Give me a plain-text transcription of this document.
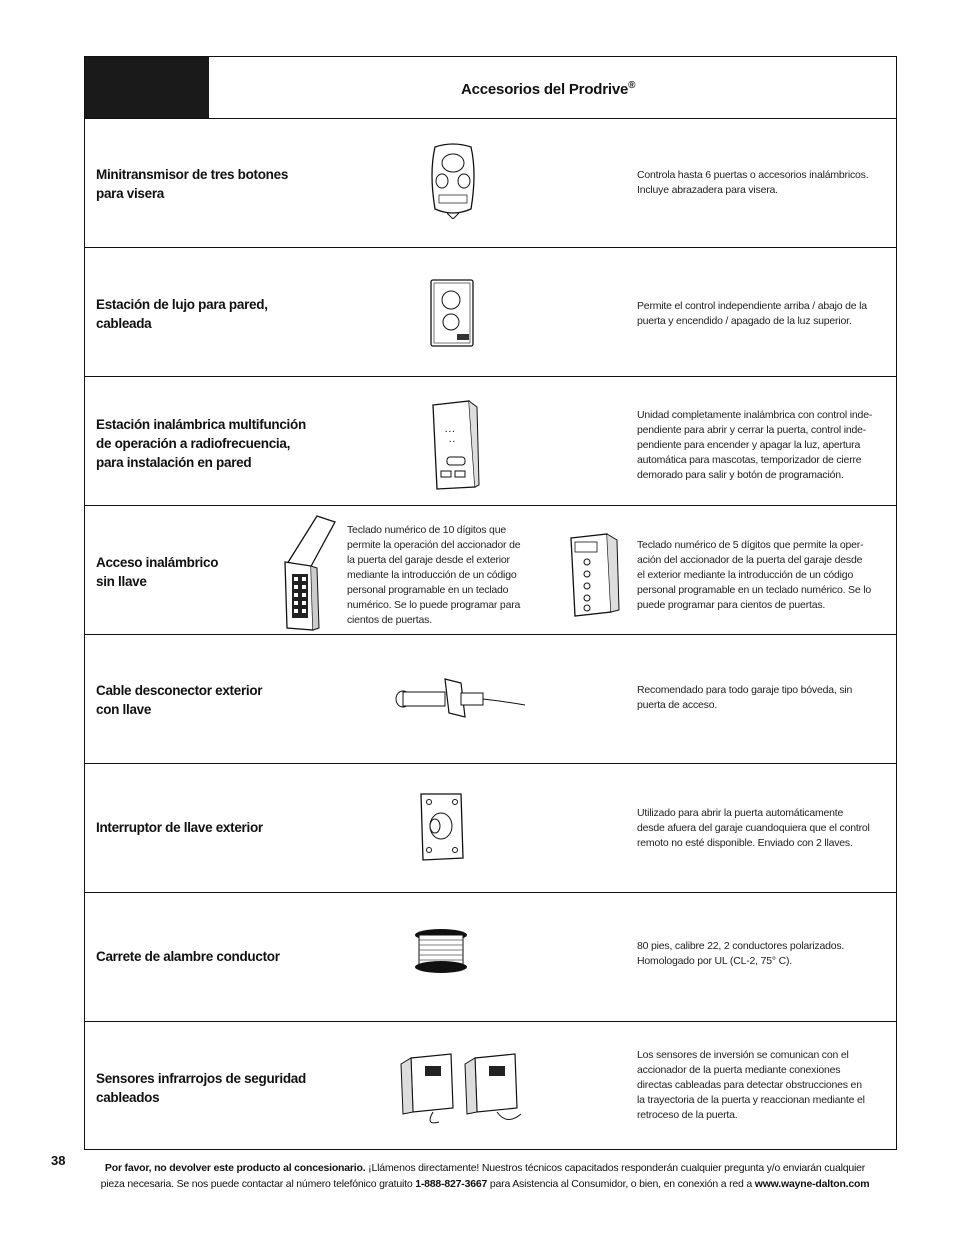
Accesorios del Prodrive®
Minitransmisor de tres botones
para visera
Controla hasta 6 puertas o accesorios inalámbricos.
Incluye abrazadera para visera.
Estación de lujo para pared,
cableada
Permite el control independiente arriba / abajo de la
puerta y encendido / apagado de la luz superior.
Estación inalámbrica multifunción
de operación a radiofrecuencia,
para instalación en pared
• • •
• •
Unidad completamente inalámbrica con control inde-
pendiente para abrir y cerrar la puerta, control inde-
pendiente para encender y apagar la luz, apertura
automática para mascotas, temporizador de cierre
demorado para salir y botón de programación.
Acceso inalámbrico
sin llave
Teclado numérico de 10 dígitos que
permite la operación del accionador de
la puerta del garaje desde el exterior
mediante la introducción de un código
personal programable en un teclado
numérico. Se lo puede programar para
cientos de puertas.
Teclado numérico de 5 dígitos que permite la oper-
ación del accionador de la puerta del garaje desde
el exterior mediante la introducción de un código
personal programable en un teclado numérico. Se lo
puede programar para cientos de puertas.
Cable desconector exterior
con llave
Recomendado para todo garaje tipo bóveda, sin
puerta de acceso.
Interruptor de llave exterior
Utilizado para abrir la puerta automáticamente
desde afuera del garaje cuandoquiera que el control
remoto no esté disponible. Enviado con 2 llaves.
Carrete de alambre conductor
80 pies, calibre 22, 2 conductores polarizados.
Homologado por UL (CL-2, 75° C).
Sensores infrarrojos de seguridad
cableados
Los sensores de inversión se comunican con el
accionador de la puerta mediante conexiones
directas cableadas para detectar obstrucciones en
la trayectoria de la puerta y reaccionan mediante el
retroceso de la puerta.
38	Por favor, no devolver este producto al concesionario. ¡Llámenos directamente! Nuestros técnicos capacitados responderán cualquier pregunta y/o enviarán cualquier pieza necesaria. Se nos puede contactar al número telefónico gratuito 1-888-827-3667 para Asistencia al Consumidor, o bien, en conexión a red a www.wayne-dalton.com
